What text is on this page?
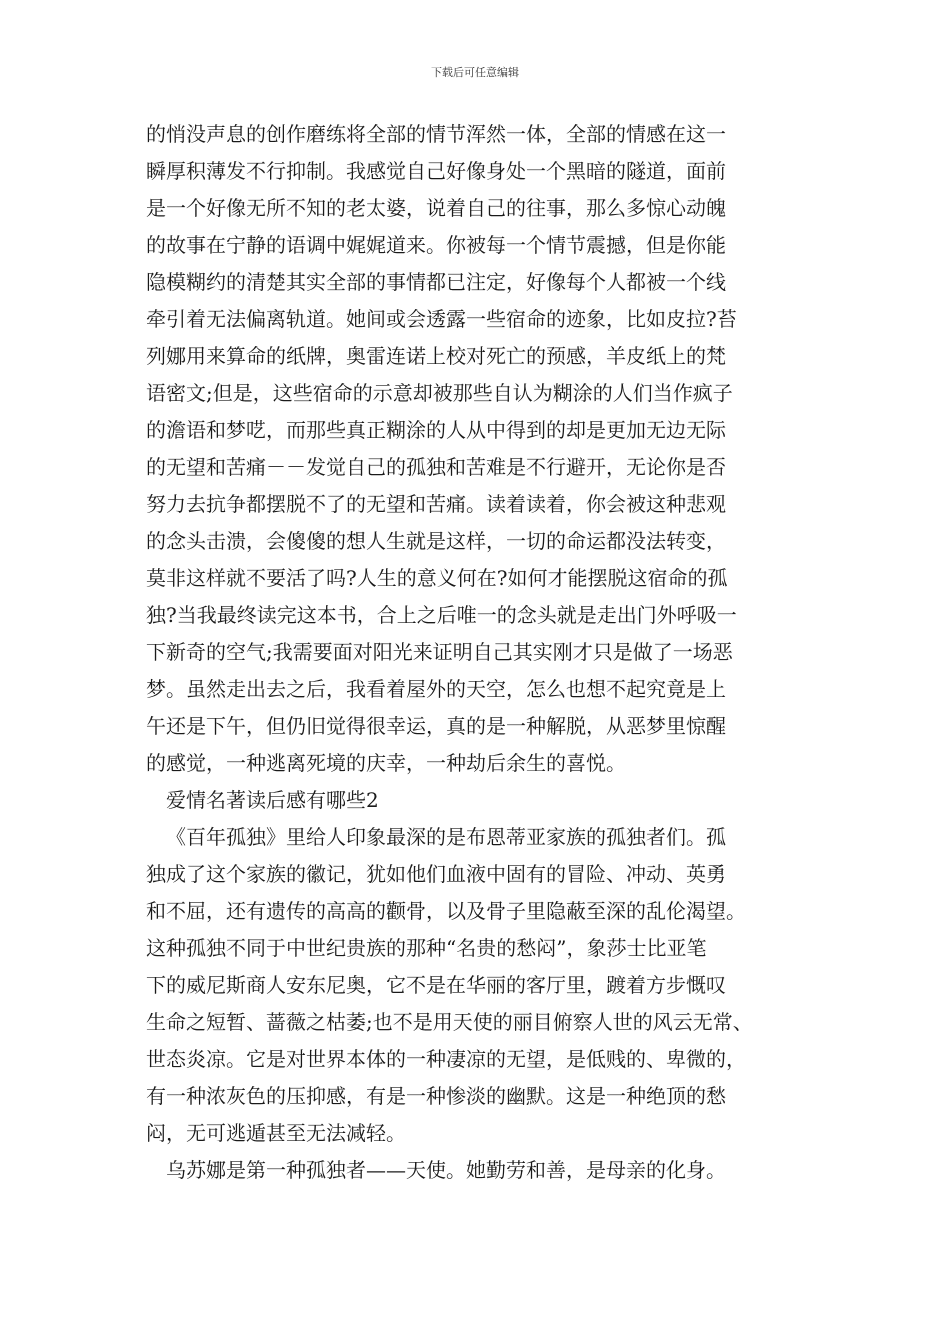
下载后可任意编辑
的悄没声息的创作磨练将全部的情节浑然一体，全部的情感在这一
瞬厚积薄发不行抑制。我感觉自己好像身处一个黑暗的隧道，面前
是一个好像无所不知的老太婆，说着自己的往事，那么多惊心动魄
的故事在宁静的语调中娓娓道来。你被每一个情节震撼，但是你能
隐模糊约的清楚其实全部的事情都已注定，好像每个人都被一个线
牵引着无法偏离轨道。她间或会透露一些宿命的迹象，比如皮拉?苔
列娜用来算命的纸牌，奥雷连诺上校对死亡的预感，羊皮纸上的梵
语密文;但是，这些宿命的示意却被那些自认为糊涂的人们当作疯子
的澹语和梦呓，而那些真正糊涂的人从中得到的却是更加无边无际
的无望和苦痛－－发觉自己的孤独和苦难是不行避开，无论你是否
努力去抗争都摆脱不了的无望和苦痛。读着读着，你会被这种悲观
的念头击溃，会傻傻的想人生就是这样，一切的命运都没法转变，
莫非这样就不要活了吗?人生的意义何在?如何才能摆脱这宿命的孤
独?当我最终读完这本书，合上之后唯一的念头就是走出门外呼吸一
下新奇的空气;我需要面对阳光来证明自己其实刚才只是做了一场恶
梦。虽然走出去之后，我看着屋外的天空，怎么也想不起究竟是上
午还是下午，但仍旧觉得很幸运，真的是一种解脱，从恶梦里惊醒
的感觉，一种逃离死境的庆幸，一种劫后余生的喜悦。
爱情名著读后感有哪些2
《百年孤独》里给人印象最深的是布恩蒂亚家族的孤独者们。孤
独成了这个家族的徽记，犹如他们血液中固有的冒险、冲动、英勇
和不屈，还有遗传的高高的颧骨，以及骨子里隐蔽至深的乱伦渴望。
这种孤独不同于中世纪贵族的那种“名贵的愁闷”，象莎士比亚笔
下的威尼斯商人安东尼奥，它不是在华丽的客厅里，踱着方步慨叹
生命之短暂、蔷薇之枯萎;也不是用天使的丽目俯察人世的风云无常、
世态炎凉。它是对世界本体的一种凄凉的无望，是低贱的、卑微的，
有一种浓灰色的压抑感，有是一种惨淡的幽默。这是一种绝顶的愁
闷，无可逃遁甚至无法减轻。
乌苏娜是第一种孤独者——天使。她勤劳和善，是母亲的化身。
